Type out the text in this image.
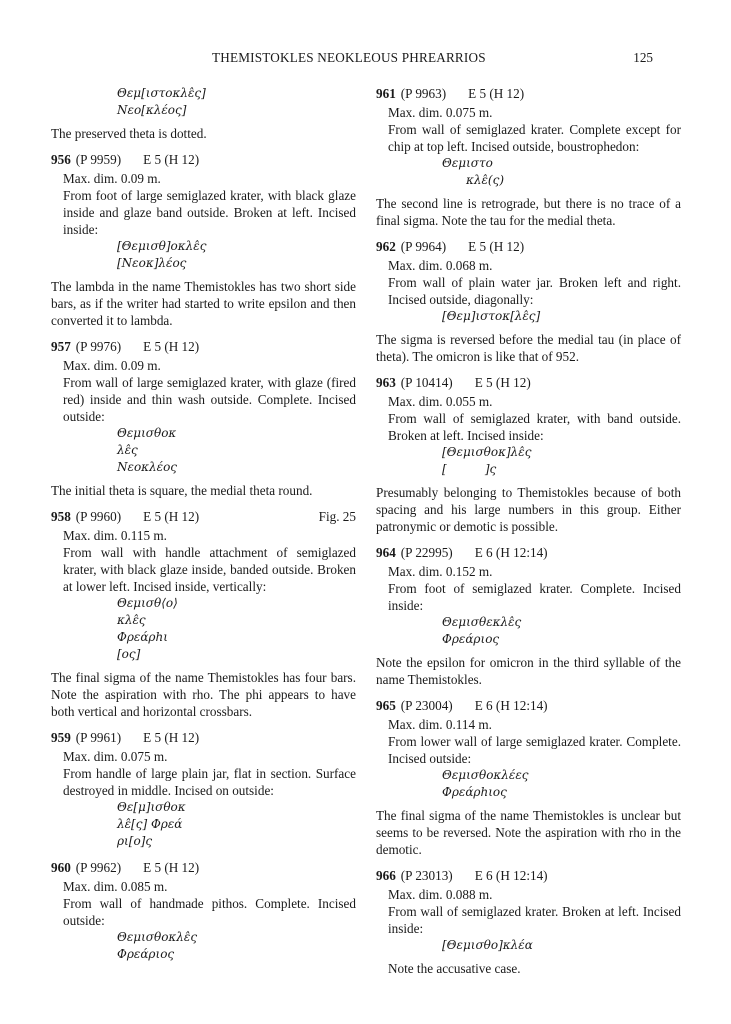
THEMISTOKLES NEOKLEOUS PHREARRIOS	125
Θεμ[ιστοκλε̂ς]
Νεο[κλέος]
The preserved theta is dotted.
956 (P 9959) E 5 (H 12)
Max. dim. 0.09 m.
From foot of large semiglazed krater, with black glaze inside and glaze band outside. Broken at left. Incised inside:
[Θεμισθ]οκλε̂ς
[Νεοκ]λέος
The lambda in the name Themistokles has two short side bars, as if the writer had started to write epsilon and then converted it to lambda.
957 (P 9976) E 5 (H 12)
Max. dim. 0.09 m.
From wall of large semiglazed krater, with glaze (fired red) inside and thin wash outside. Complete. Incised outside:
Θεμισθοκ
λε̂ς
Νεοκλέος
The initial theta is square, the medial theta round.
958 (P 9960) E 5 (H 12)	Fig. 25
Max. dim. 0.115 m.
From wall with handle attachment of semiglazed krater, with black glaze inside, banded outside. Broken at lower left. Incised inside, vertically:
Θεμισθ⟨ο⟩
κλε̂ς
Φρεάρhι
[ος]
The final sigma of the name Themistokles has four bars. Note the aspiration with rho. The phi appears to have both vertical and horizontal crossbars.
959 (P 9961) E 5 (H 12)
Max. dim. 0.075 m.
From handle of large plain jar, flat in section. Surface destroyed in middle. Incised on outside:
Θε[μ]ισθοκ
λε̂[ς] Φρεά
ρι[ο]ς
960 (P 9962) E 5 (H 12)
Max. dim. 0.085 m.
From wall of handmade pithos. Complete. Incised outside:
Θεμισθοκλε̂ς
Φρεάριος
961 (P 9963) E 5 (H 12)
Max. dim. 0.075 m.
From wall of semiglazed krater. Complete except for chip at top left. Incised outside, boustrophedon:
Θεμιστο
κλε̂(ς)
The second line is retrograde, but there is no trace of a final sigma. Note the tau for the medial theta.
962 (P 9964) E 5 (H 12)
Max. dim. 0.068 m.
From wall of plain water jar. Broken left and right. Incised outside, diagonally:
[Θεμ]ιστοκ[λε̂ς]
The sigma is reversed before the medial tau (in place of theta). The omicron is like that of 952.
963 (P 10414) E 5 (H 12)
Max. dim. 0.055 m.
From wall of semiglazed krater, with band outside. Broken at left. Incised inside:
[Θεμισθοκ]λε̂ς
[          ]ς
Presumably belonging to Themistokles because of both spacing and his large numbers in this group. Either patronymic or demotic is possible.
964 (P 22995) E 6 (H 12:14)
Max. dim. 0.152 m.
From foot of semiglazed krater. Complete. Incised inside:
Θεμισθεκλε̂ς
Φρεάριος
Note the epsilon for omicron in the third syllable of the name Themistokles.
965 (P 23004) E 6 (H 12:14)
Max. dim. 0.114 m.
From lower wall of large semiglazed krater. Complete. Incised outside:
Θεμισθοκλέες
Φρεάρhιος
The final sigma of the name Themistokles is unclear but seems to be reversed. Note the aspiration with rho in the demotic.
966 (P 23013) E 6 (H 12:14)
Max. dim. 0.088 m.
From wall of semiglazed krater. Broken at left. Incised inside:
[Θεμισθο]κλέα
Note the accusative case.
